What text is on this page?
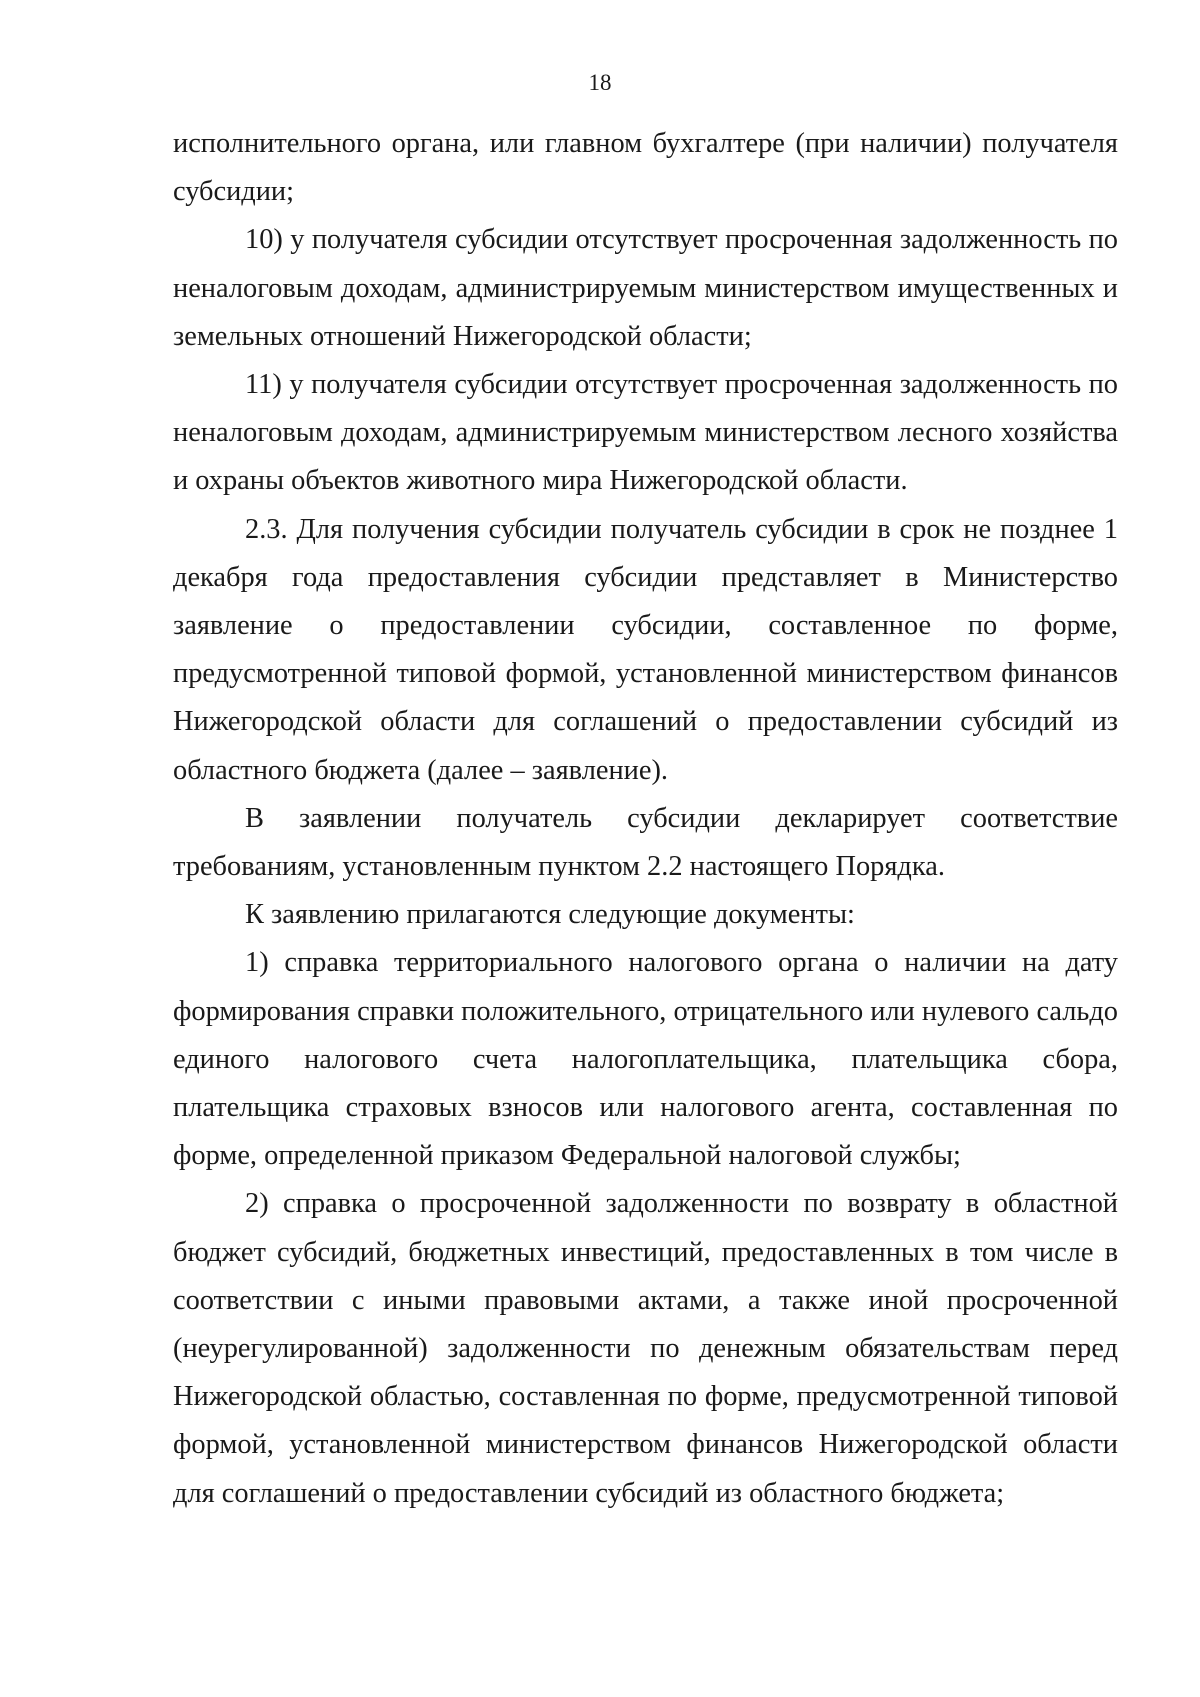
18

исполнительного органа, или главном бухгалтере (при наличии) получателя субсидии;

10) у получателя субсидии отсутствует просроченная задолженность по неналоговым доходам, администрируемым министерством имущественных и земельных отношений Нижегородской области;

11) у получателя субсидии отсутствует просроченная задолженность по неналоговым доходам, администрируемым министерством лесного хозяйства и охраны объектов животного мира Нижегородской области.

2.3. Для получения субсидии получатель субсидии в срок не позднее 1 декабря года предоставления субсидии представляет в Министерство заявление о предоставлении субсидии, составленное по форме, предусмотренной типовой формой, установленной министерством финансов Нижегородской области для соглашений о предоставлении субсидий из областного бюджета (далее – заявление).

В заявлении получатель субсидии декларирует соответствие требованиям, установленным пунктом 2.2 настоящего Порядка.

К заявлению прилагаются следующие документы:

1) справка территориального налогового органа о наличии на дату формирования справки положительного, отрицательного или нулевого сальдо единого налогового счета налогоплательщика, плательщика сбора, плательщика страховых взносов или налогового агента, составленная по форме, определенной приказом Федеральной налоговой службы;

2) справка о просроченной задолженности по возврату в областной бюджет субсидий, бюджетных инвестиций, предоставленных в том числе в соответствии с иными правовыми актами, а также иной просроченной (неурегулированной) задолженности по денежным обязательствам перед Нижегородской областью, составленная по форме, предусмотренной типовой формой, установленной министерством финансов Нижегородской области для соглашений о предоставлении субсидий из областного бюджета;
